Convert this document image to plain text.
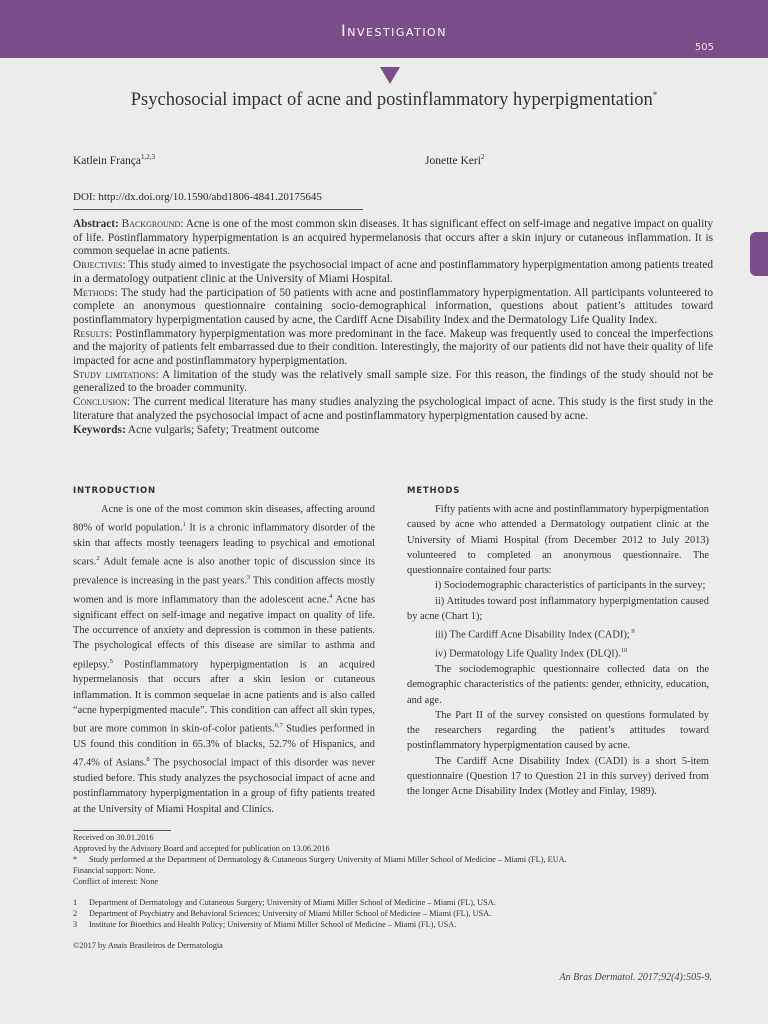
Investigation
505
Psychosocial impact of acne and postinflammatory hyperpigmentation*
Katlein França$^{1,2,3}$	Jonette Keri$^2$
DOI: http://dx.doi.org/10.1590/abd1806-4841.20175645

Abstract: Background: Acne is one of the most common skin diseases. It has significant effect on self-image and negative impact on quality of life. Postinflammatory hyperpigmentation is an acquired hypermelanosis that occurs after a skin injury or cutaneous inflammation. It is common sequelae in acne patients.

Objectives: This study aimed to investigate the psychosocial impact of acne and postinflammatory hyperpigmentation among patients treated in a dermatology outpatient clinic at the University of Miami Hospital.

Methods: The study had the participation of 50 patients with acne and postinflammatory hyperpigmentation. All participants volunteered to complete an anonymous questionnaire containing socio-demographical information, questions about patient’s attitudes toward postinflammatory hyperpigmentation caused by acne, the Cardiff Acne Disability Index and the Dermatology Life Quality Index.

Results: Postinflammatory hyperpigmentation was more predominant in the face. Makeup was frequently used to conceal the imperfections and the majority of patients felt embarrassed due to their condition. Interestingly, the majority of our patients did not have their quality of life impacted for acne and postinflammatory hyperpigmentation.

Study limitations: A limitation of the study was the relatively small sample size. For this reason, the findings of the study should not be generalized to the broader community.

Conclusion: The current medical literature has many studies analyzing the psychological impact of acne. This study is the first study in the literature that analyzed the psychosocial impact of acne and postinflammatory hyperpigmentation caused by acne.

Keywords: Acne vulgaris; Safety; Treatment outcome

INTRODUCTION

Acne is one of the most common skin diseases, affecting around 80% of world population.$^1$ It is a chronic inflammatory disorder of the skin that affects mostly teenagers leading to psychical and emotional scars.$^2$ Adult female acne is also another topic of discussion since its prevalence is increasing in the past years.$^3$ This condition affects mostly women and is more inflammatory than the adolescent acne.$^4$ Acne has significant effect on self-image and negative impact on quality of life. The occurrence of anxiety and depression is common in these patients. The psychological effects of this disease are similar to asthma and epilepsy.$^5$ Postinflammatory hyperpigmentation is an acquired hypermelanosis that occurs after a skin lesion or cutaneous inflammation. It is common sequelae in acne patients and is also called “acne hyperpigmented macule”. This condition can affect all skin types, but are more common in skin-of-color patients.$^{6,7}$ Studies performed in US found this condition in 65.3% of blacks, 52.7% of Hispanics, and 47.4% of Asians.$^8$ The psychosocial impact of this disorder was never studied before. This study analyzes the psychosocial impact of acne and postinflammatory hyperpigmentation in a group of fifty patients treated at the University of Miami Hospital and Clinics.

METHODS

Fifty patients with acne and postinflammatory hyperpigmentation caused by acne who attended a Dermatology outpatient clinic at the University of Miami Hospital (from December 2012 to July 2013) volunteered to completed an anonymous questionnaire. The questionnaire contained four parts:

i) Sociodemographic characteristics of participants in the survey;

ii) Attitudes toward post inflammatory hyperpigmentation caused by acne (Chart 1);

iii) The Cardiff Acne Disability Index (CADI); $^9$

iv) Dermatology Life Quality Index (DLQI).$^{10}$

The sociodemographic questionnaire collected data on the demographic characteristics of the patients: gender, ethnicity, education, and age.

The Part II of the survey consisted on questions formulated by the researchers regarding the patient’s attitudes toward postinflammatory hyperpigmentation caused by acne.

The Cardiff Acne Disability Index (CADI) is a short 5-item questionnaire (Question 17 to Question 21 in this survey) derived from the longer Acne Disability Index (Motley and Finlay, 1989).

Received on 30.01.2016
Approved by the Advisory Board and accepted for publication on 13.06.2016
* Study performed at the Department of Dermatology & Cutaneous Surgery University of Miami Miller School of Medicine – Miami (FL), EUA.
Financial support: None.
Conflict of interest: None
1 Department of Dermatology and Cutaneous Surgery; University of Miami Miller School of Medicine – Miami (FL), USA.
2 Department of Psychiatry and Behavioral Sciences; University of Miami Miller School of Medicine – Miami (FL), USA.
3 Institute for Bioethics and Health Policy; University of Miami Miller School of Medicine – Miami (FL), USA.
©2017 by Anais Brasileiros de Dermatologia
An Bras Dermatol. 2017;92(4):505-9.
